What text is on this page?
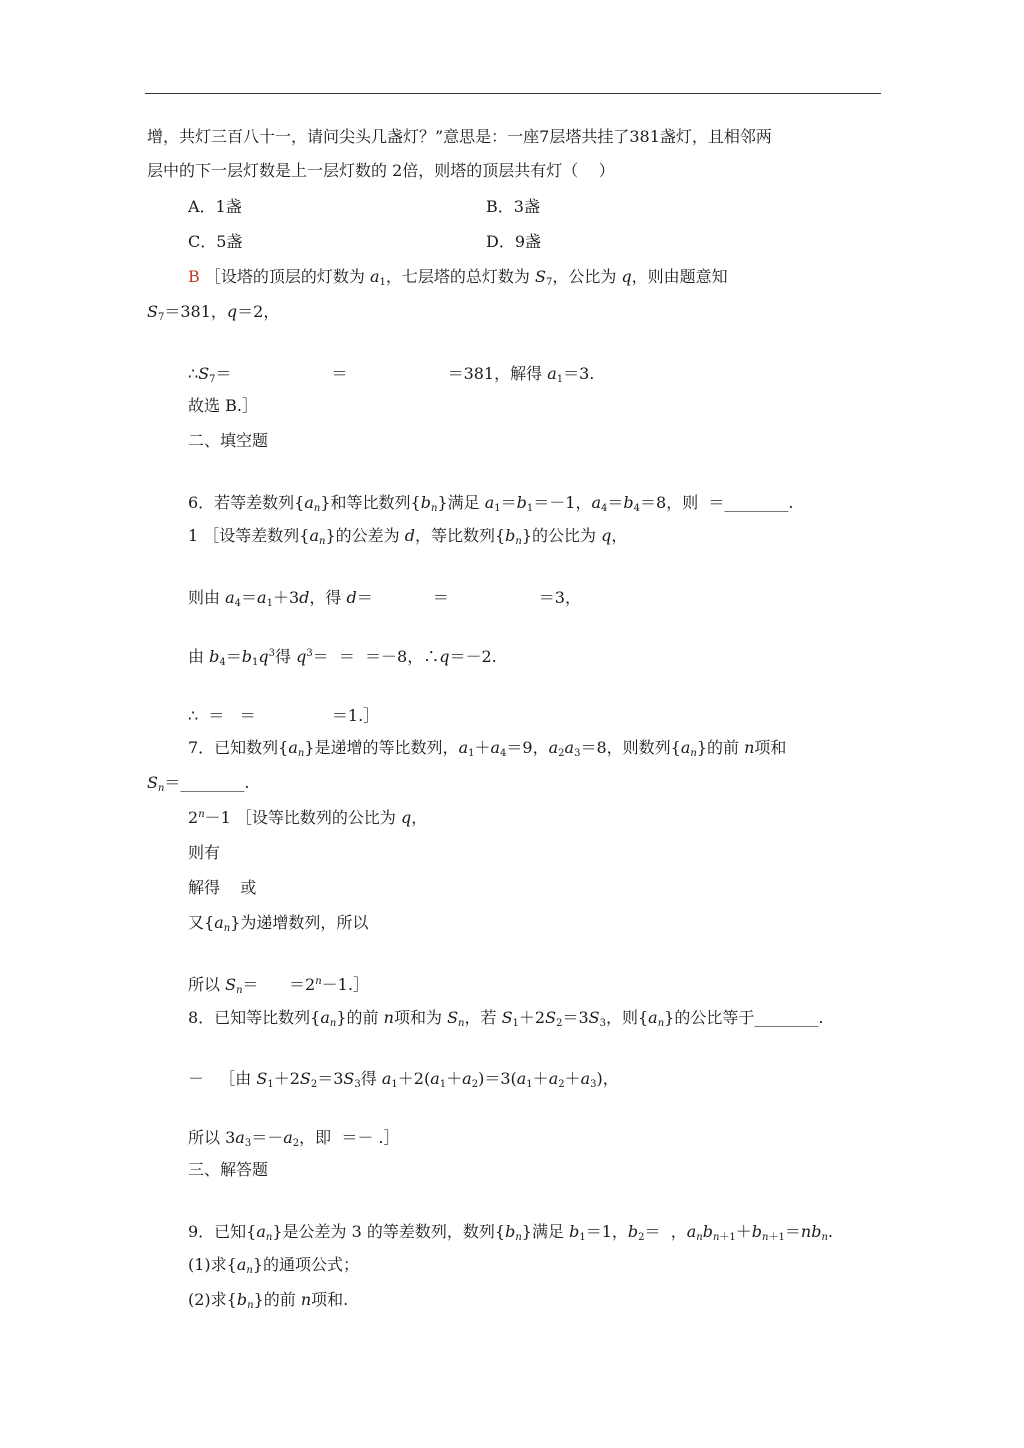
增，共灯三百八十一，请问尖头几盏灯？”意思是：一座7层塔共挂了381盏灯，且相邻两
层中的下一层灯数是上一层灯数的 2倍，则塔的顶层共有灯（    ）
A．1盏	B．3盏
C．5盏	D．9盏
B ［设塔的顶层的灯数为 $a_1$，七层塔的总灯数为 $S_7$，公比为 q，则由题意知
$S_7=381$，q＝2，
$\therefore S_7=$	＝	＝381，解得 $a_1=3$.
故选 B.］
二、填空题
6．若等差数列$\{a_n\}$和等比数列$\{b_n\}$满足 $a_1=b_1=-1$，$a_4=b_4=8$，则  ＝________.
1 ［设等差数列$\{a_n\}$的公差为 d，等比数列$\{b_n\}$的公比为 q，
则由 $a_4=a_1+3d$，得 d＝	＝	＝3，
由 $b_4=b_1q^3$得 $q^3= = =-8$，∴q＝－2.
∴  ＝   ＝               ＝1.］
7．已知数列$\{a_n\}$是递增的等比数列，$a_1+a_4=9$，$a_2a_3=8$，则数列$\{a_n\}$的前 n项和
$S_n=\_\_\_\_\_\_\_\_$.
$2^n-1$ ［设等比数列的公比为 q，
则有
解得    或
又$\{a_n\}$为递增数列，所以
所以 $S_n=$      $=2^n-1.]$
8．已知等比数列$\{a_n\}$的前 n项和为 $S_n$，若 $S_1+2S_2=3S_3$，则$\{a_n\}$的公比等于________.
－   ［由 $S_1+2S_2=3S_3$得 $a_1+2(a_1+a_2)=3(a_1+a_2+a_3)$，
所以 $3a_3=-a_2$，即  ＝－ .］
三、解答题
9．已知$\{a_n\}$是公差为 3 的等差数列，数列$\{b_n\}$满足 $b_1=1$，$b_2=$  ，$a_nb_{n+1}+b_{n+1}=nb_n$.
(1)求$\{a_n\}$的通项公式；
(2)求$\{b_n\}$的前 n项和.
